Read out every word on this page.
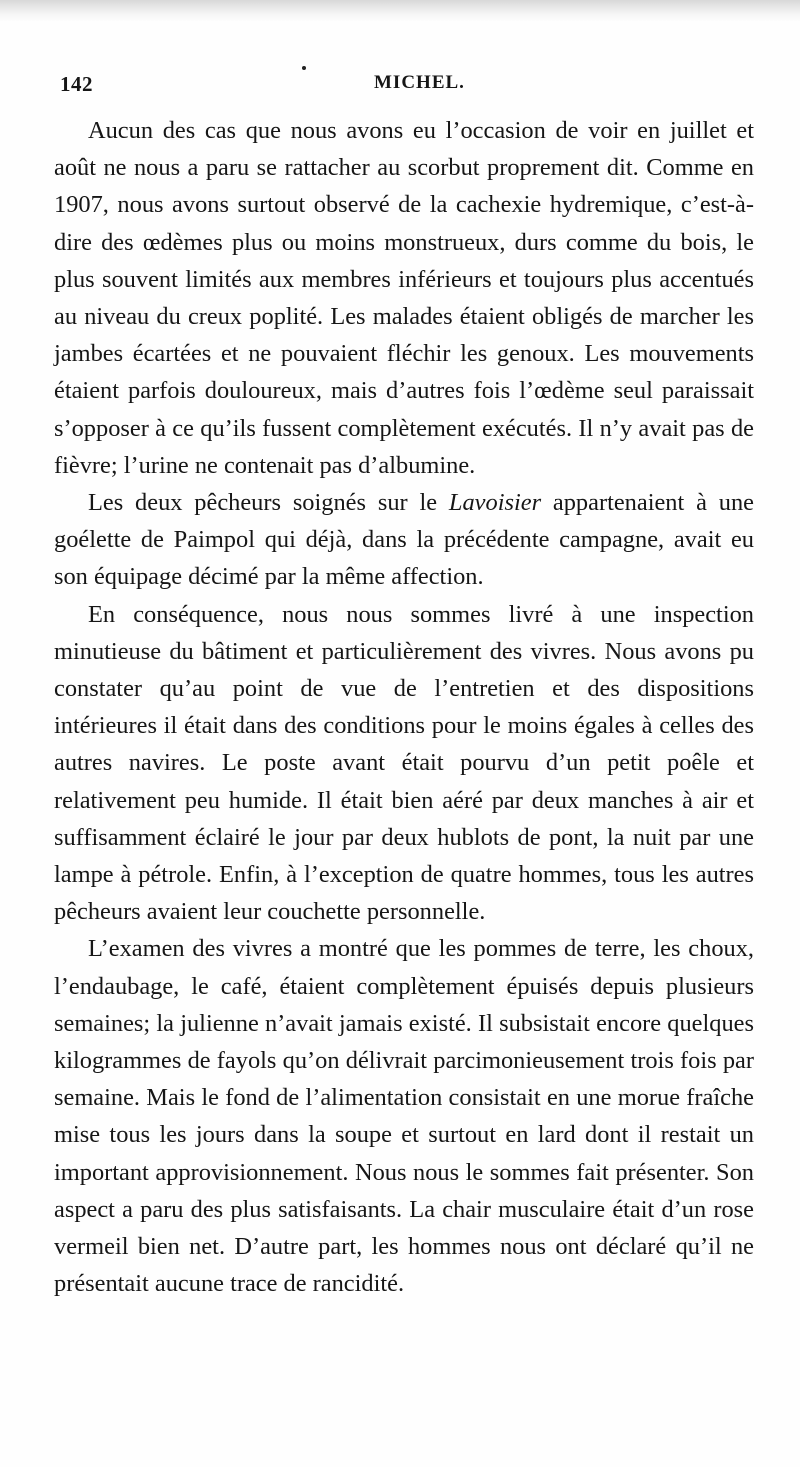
142	MICHEL.

Aucun des cas que nous avons eu l’occasion de voir en juillet et août ne nous a paru se rattacher au scorbut proprement dit. Comme en 1907, nous avons surtout observé de la cachexie hydremique, c’est-à-dire des œdèmes plus ou moins monstrueux, durs comme du bois, le plus souvent limités aux membres inférieurs et toujours plus accentués au niveau du creux poplité. Les malades étaient obligés de marcher les jambes écartées et ne pouvaient fléchir les genoux. Les mouvements étaient parfois douloureux, mais d’autres fois l’œdème seul paraissait s’opposer à ce qu’ils fussent complètement exécutés. Il n’y avait pas de fièvre; l’urine ne contenait pas d’albumine.

Les deux pêcheurs soignés sur le Lavoisier appartenaient à une goélette de Paimpol qui déjà, dans la précédente campagne, avait eu son équipage décimé par la même affection.

En conséquence, nous nous sommes livré à une inspection minutieuse du bâtiment et particulièrement des vivres. Nous avons pu constater qu’au point de vue de l’entretien et des dispositions intérieures il était dans des conditions pour le moins égales à celles des autres navires. Le poste avant était pourvu d’un petit poêle et relativement peu humide. Il était bien aéré par deux manches à air et suffisamment éclairé le jour par deux hublots de pont, la nuit par une lampe à pétrole. Enfin, à l’exception de quatre hommes, tous les autres pêcheurs avaient leur couchette personnelle.

L’examen des vivres a montré que les pommes de terre, les choux, l’endaubage, le café, étaient complètement épuisés depuis plusieurs semaines; la julienne n’avait jamais existé. Il subsistait encore quelques kilogrammes de fayols qu’on délivrait parcimonieusement trois fois par semaine. Mais le fond de l’alimentation consistait en une morue fraîche mise tous les jours dans la soupe et surtout en lard dont il restait un important approvisionnement. Nous nous le sommes fait présenter. Son aspect a paru des plus satisfaisants. La chair musculaire était d’un rose vermeil bien net. D’autre part, les hommes nous ont déclaré qu’il ne présentait aucune trace de rancidité.
